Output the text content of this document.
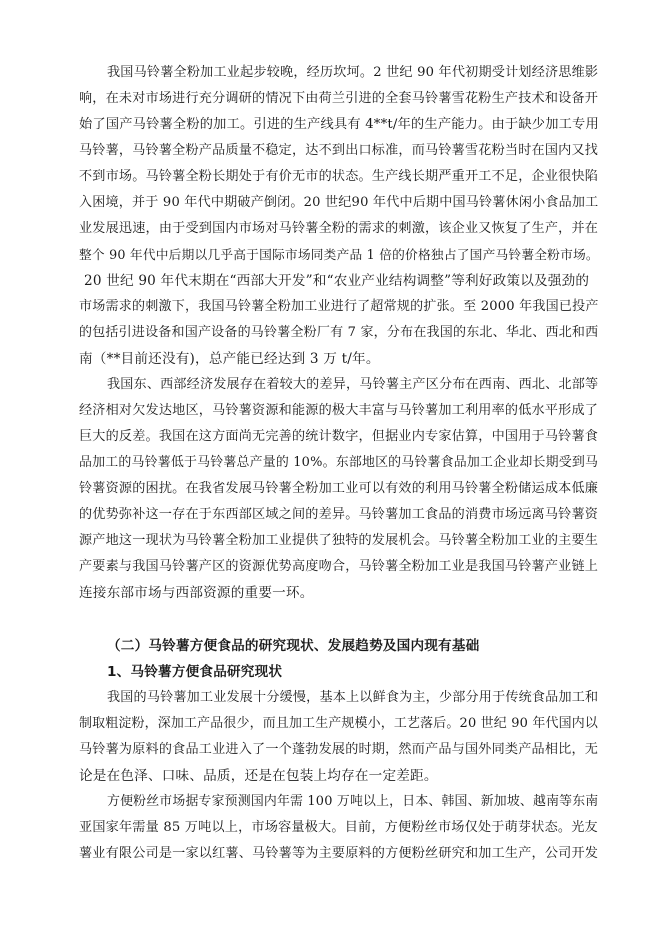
我国马铃薯全粉加工业起步较晚，经历坎坷。2 世纪 90 年代初期受计划经济思维影
响，在未对市场进行充分调研的情况下由荷兰引进的全套马铃薯雪花粉生产技术和设备开
始了国产马铃薯全粉的加工。引进的生产线具有 4**t/年的生产能力。由于缺少加工专用
马铃薯，马铃薯全粉产品质量不稳定，达不到出口标准，而马铃薯雪花粉当时在国内又找
不到市场。马铃薯全粉长期处于有价无市的状态。生产线长期严重开工不足，企业很快陷
入困境，并于 90 年代中期破产倒闭。20 世纪90 年代中后期中国马铃薯休闲小食品加工
业发展迅速，由于受到国内市场对马铃薯全粉的需求的刺激，该企业又恢复了生产，并在
整个 90 年代中后期以几乎高于国际市场同类产品 1 倍的价格独占了国产马铃薯全粉市场。
20 世纪 90 年代末期在“西部大开发”和“农业产业结构调整”等利好政策以及强劲的
市场需求的刺激下，我国马铃薯全粉加工业进行了超常规的扩张。至 2000 年我国已投产
的包括引进设备和国产设备的马铃薯全粉厂有 7 家，分布在我国的东北、华北、西北和西
南（**目前还没有)，总产能已经达到 3 万 t/年。
我国东、西部经济发展存在着较大的差异，马铃薯主产区分布在西南、西北、北部等
经济相对欠发达地区，马铃薯资源和能源的极大丰富与马铃薯加工利用率的低水平形成了
巨大的反差。我国在这方面尚无完善的统计数字，但据业内专家估算，中国用于马铃薯食
品加工的马铃薯低于马铃薯总产量的 10%。东部地区的马铃薯食品加工企业却长期受到马
铃薯资源的困扰。在我省发展马铃薯全粉加工业可以有效的利用马铃薯全粉储运成本低廉
的优势弥补这一存在于东西部区域之间的差异。马铃薯加工食品的消费市场远离马铃薯资
源产地这一现状为马铃薯全粉加工业提供了独特的发展机会。马铃薯全粉加工业的主要生
产要素与我国马铃薯产区的资源优势高度吻合，马铃薯全粉加工业是我国马铃薯产业链上
连接东部市场与西部资源的重要一环。
（二）马铃薯方便食品的研究现状、发展趋势及国内现有基础
1、马铃薯方便食品研究现状
我国的马铃薯加工业发展十分缓慢，基本上以鲜食为主，少部分用于传统食品加工和
制取粗淀粉，深加工产品很少，而且加工生产规模小，工艺落后。20 世纪 90 年代国内以
马铃薯为原料的食品工业进入了一个蓬勃发展的时期，然而产品与国外同类产品相比，无
论是在色泽、口味、品质，还是在包装上均存在一定差距。
方便粉丝市场据专家预测国内年需 100 万吨以上，日本、韩国、新加坡、越南等东南
亚国家年需量 85 万吨以上，市场容量极大。目前，方便粉丝市场仅处于萌芽状态。光友
薯业有限公司是一家以红薯、马铃薯等为主要原料的方便粉丝研究和加工生产，公司开发
